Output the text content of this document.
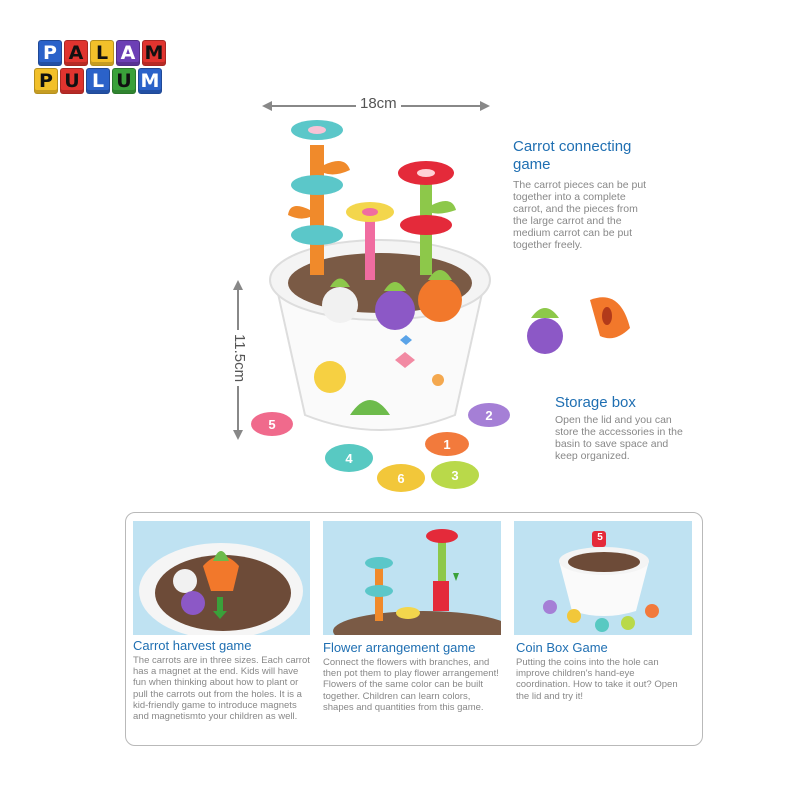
P A L A M
P U L U M
18cm
11.5cm
5
2
1
4
6	3
Carrot connecting game
The carrot pieces can be put together into a complete carrot, and the pieces from the large carrot and the medium carrot can be put together freely.
Storage box
Open the lid and you can store the accessories in the basin to save space and keep organized.
Carrot harvest game
The carrots are in three sizes. Each carrot has a magnet at the end. Kids will have fun when thinking about how to plant or pull the carrots out from the holes. It is a kid-friendly game to introduce magnets and magnetismto your children as well.
Flower arrangement game
Connect the flowers with branches, and then pot them to play flower arrangement! Flowers of the same color can be built together. Children can learn colors, shapes and quantities from this game.
5
Coin Box Game
Putting the coins into the hole can improve children's hand-eye coordination. How to take it out? Open the lid and try it!
